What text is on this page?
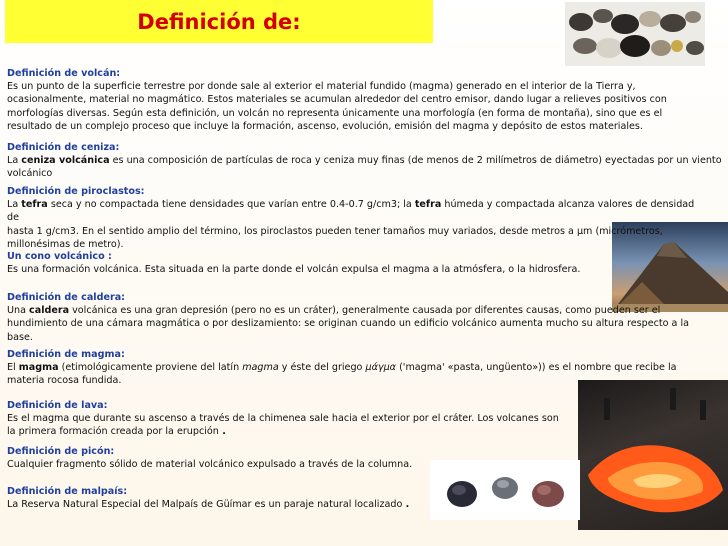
Definición de:
Definición de volcán:
Es un punto de la superficie terrestre por donde sale al exterior el material fundido (magma) generado en el interior de la Tierra y,
ocasionalmente, material no magmático. Estos materiales se acumulan alrededor del centro emisor, dando lugar a relieves positivos con
morfologías diversas. Según esta definición, un volcán no representa únicamente una morfología (en forma de montaña), sino que es el
resultado de un complejo proceso que incluye la formación, ascenso, evolución, emisión del magma y depósito de estos materiales.
Definición de ceniza:
La ceniza volcánica es una composición de partículas de roca y ceniza muy finas (de menos de 2 milímetros de diámetro) eyectadas por un viento
volcánico
Definición de piroclastos:
La tefra seca y no compactada tiene densidades que varían entre 0.4-0.7 g/cm3; la tefra húmeda y compactada alcanza valores de densidad de
hasta 1 g/cm3. En el sentido amplio del término, los piroclastos pueden tener tamaños muy variados, desde metros a µm (micrómetros,
millonésimas de metro).
Un cono volcánico :
Es una formación volcánica. Esta situada en la parte donde el volcán expulsa el magma a la atmósfera, o la hidrosfera.
Definición de caldera:
Una caldera volcánica es una gran depresión (pero no es un cráter), generalmente causada por diferentes causas, como pueden ser el
hundimiento de una cámara magmática o por deslizamiento: se originan cuando un edificio volcánico aumenta mucho su altura respecto a la
base.
Definición de magma:
El magma (etimológicamente proviene del latín magma y éste del griego μάγμα ('magma' «pasta, ungüento»)) es el nombre que recibe la
materia rocosa fundida.
Definición de lava:
Es el magma que durante su ascenso a través de la chimenea sale hacia el exterior por el cráter. Los volcanes son
la primera formación creada por la erupción .
Definición de picón:
Cualquier fragmento sólido de material volcánico expulsado a través de la columna.
Definición de malpaís:
La Reserva Natural Especial del Malpaís de Güímar es un paraje natural localizado .
